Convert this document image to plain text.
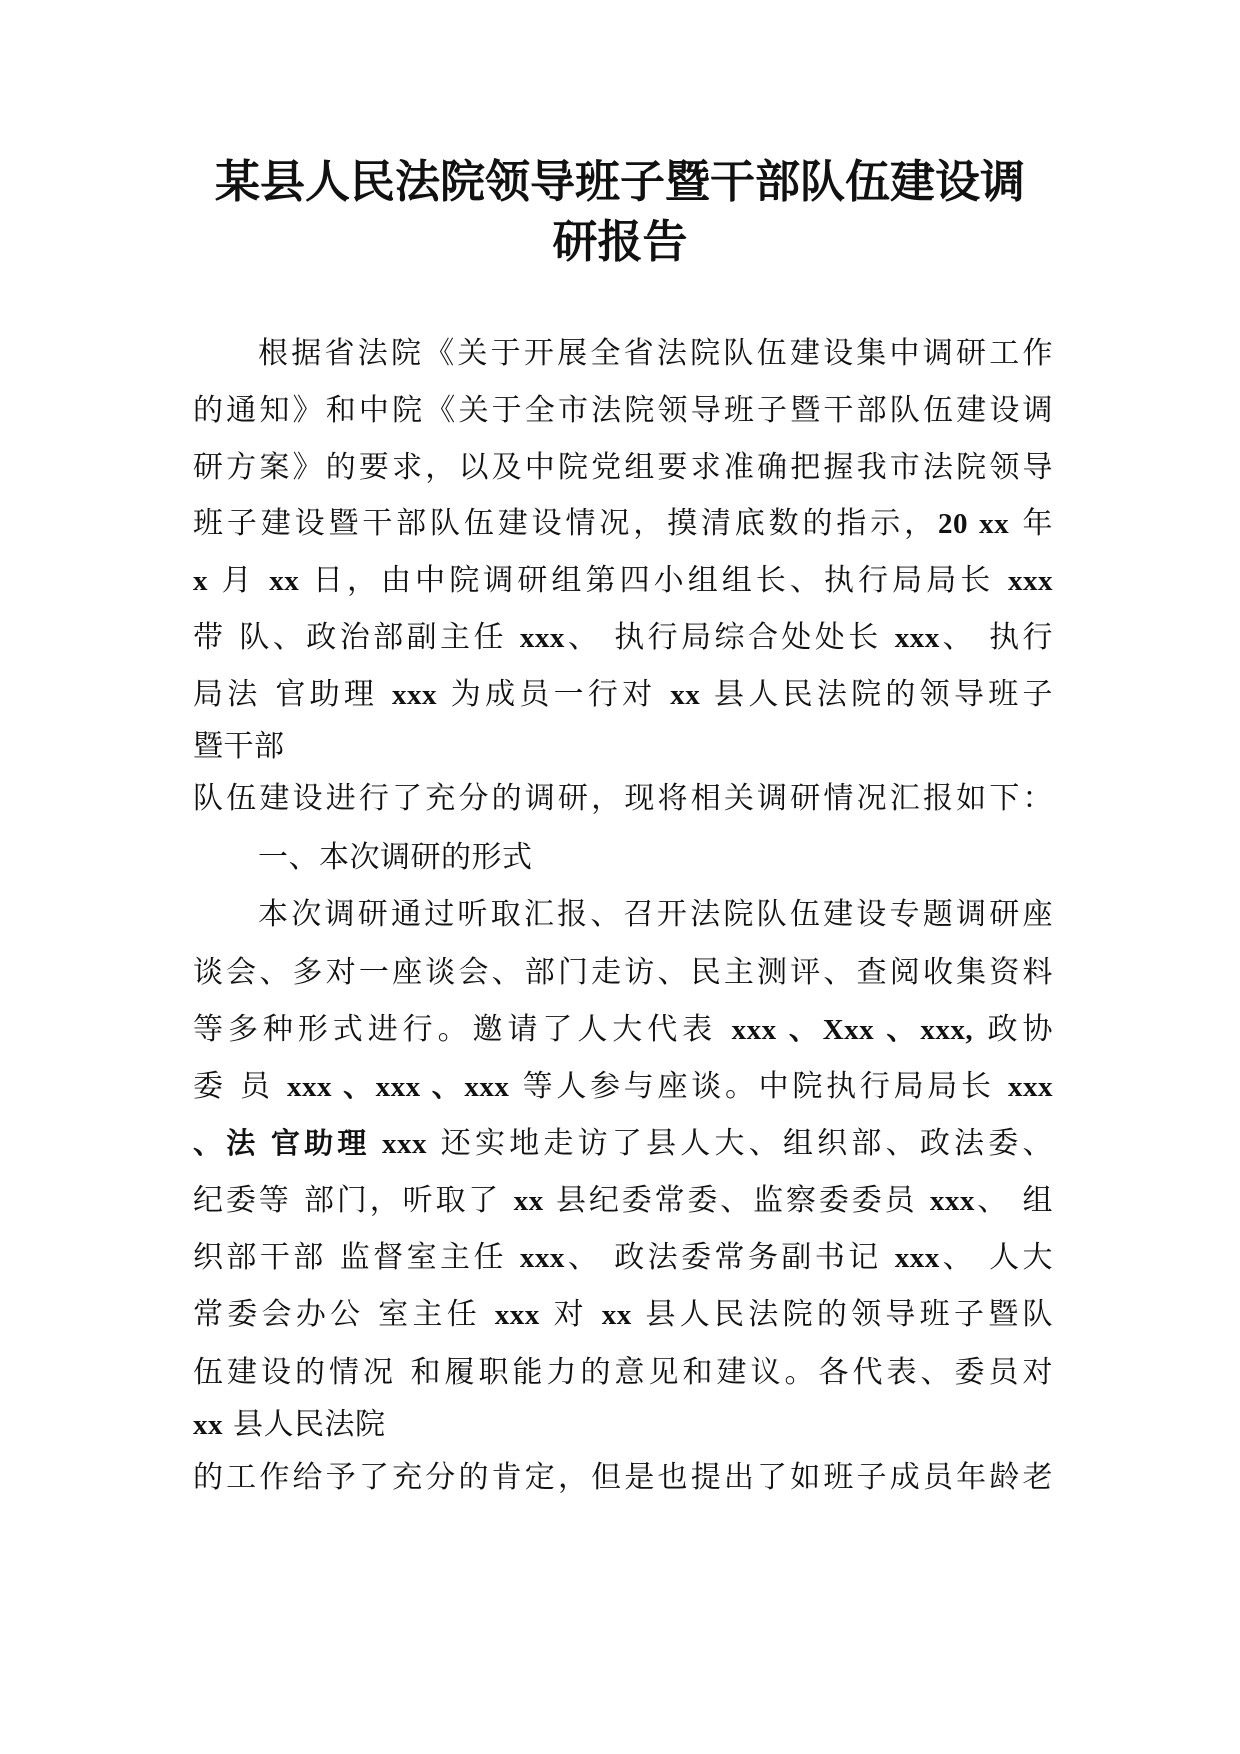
某县人民法院领导班子暨干部队伍建设调
研报告
根据省法院《关于开展全省法院队伍建设集中调研工作
的通知》和中院《关于全市法院领导班子暨干部队伍建设调
研方案》的要求，以及中院党组要求准确把握我市法院领导
班子建设暨干部队伍建设情况，摸清底数的指示，20 xx 年
x 月 xx 日，由中院调研组第四小组组长、执行局局长 xxx
带 队、政治部副主任 xxx、 执行局综合处处长 xxx、 执行
局法 官助理 xxx 为成员一行对 xx 县人民法院的领导班子
暨干部
队伍建设进行了充分的调研，现将相关调研情况汇报如下：
一、本次调研的形式
本次调研通过听取汇报、召开法院队伍建设专题调研座
谈会、多对一座谈会、部门走访、民主测评、查阅收集资料
等多种形式进行。邀请了人大代表 xxx 、Xxx 、xxx, 政协
委 员 xxx 、xxx 、xxx 等人参与座谈。中院执行局局长 xxx
、法 官助理 xxx 还实地走访了县人大、组织部、政法委、
纪委等 部门，听取了 xx 县纪委常委、监察委委员 xxx、 组
织部干部 监督室主任 xxx、 政法委常务副书记 xxx、 人大
常委会办公 室主任 xxx 对 xx 县人民法院的领导班子暨队
伍建设的情况 和履职能力的意见和建议。各代表、委员对
xx 县人民法院
的工作给予了充分的肯定，但是也提出了如班子成员年龄老
